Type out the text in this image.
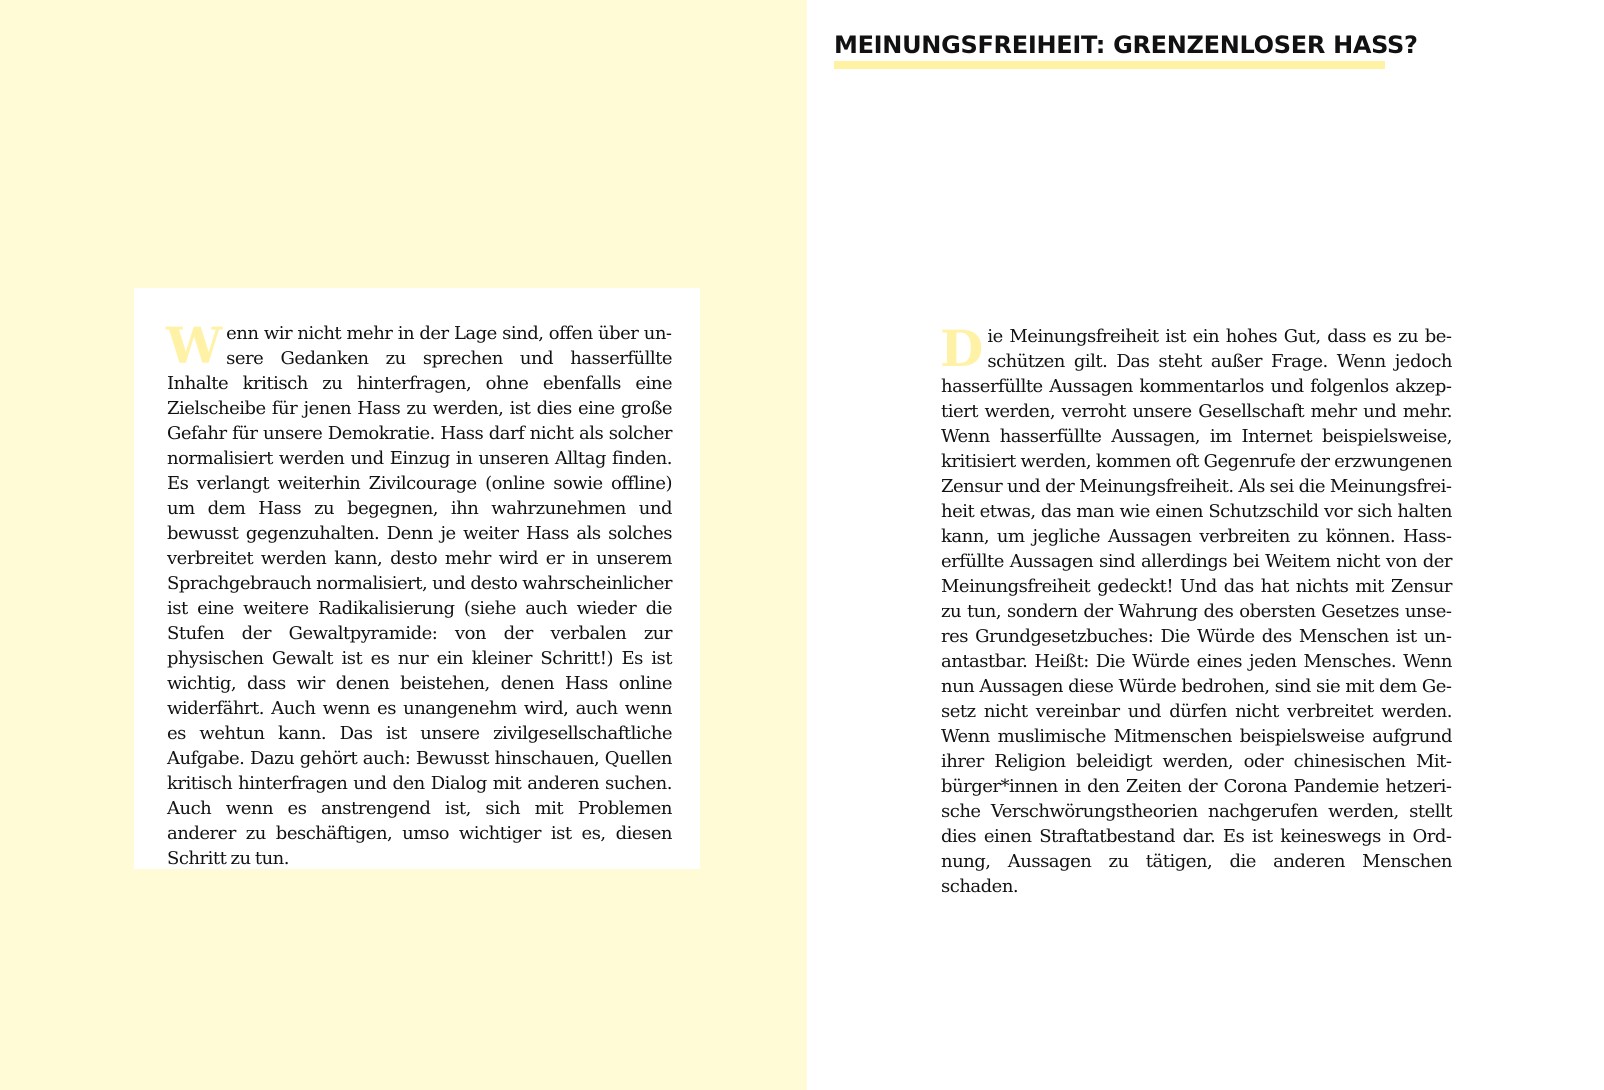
Wenn wir nicht mehr in der Lage sind, offen über unsere Gedanken zu sprechen und hasserfüllte Inhalte kritisch zu hinterfragen, ohne ebenfalls eine Zielscheibe für jenen Hass zu werden, ist dies eine große Gefahr für unsere Demokratie. Hass darf nicht als solcher normalisiert werden und Einzug in unseren Alltag finden. Es verlangt weiterhin Zivilcourage (online sowie offline) um dem Hass zu begegnen, ihn wahrzunehmen und bewusst gegenzuhalten. Denn je weiter Hass als solches verbreitet werden kann, desto mehr wird er in unserem Sprachgebrauch normalisiert, und desto wahrscheinlicher ist eine weitere Radikalisierung (siehe auch wieder die Stufen der Gewaltpyramide: von der verbalen zur physischen Gewalt ist es nur ein kleiner Schritt!) Es ist wichtig, dass wir denen beistehen, denen Hass online widerfährt. Auch wenn es unangenehm wird, auch wenn es wehtun kann. Das ist unsere zivilgesellschaftliche Aufgabe. Dazu gehört auch: Bewusst hinschauen, Quellen kritisch hinterfragen und den Dialog mit anderen suchen. Auch wenn es anstrengend ist, sich mit Problemen anderer zu beschäftigen, umso wichtiger ist es, diesen Schritt zu tun.

MEINUNGSFREIHEIT: GRENZENLOSER HASS?

Die Meinungsfreiheit ist ein hohes Gut, dass es zu beschützen gilt. Das steht außer Frage. Wenn jedoch hasserfüllte Aussagen kommentarlos und folgenlos akzeptiert werden, verroht unsere Gesellschaft mehr und mehr. Wenn hasserfüllte Aussagen, im Internet beispielsweise, kritisiert werden, kommen oft Gegenrufe der erzwungenen Zensur und der Meinungsfreiheit. Als sei die Meinungsfreiheit etwas, das man wie einen Schutzschild vor sich halten kann, um jegliche Aussagen verbreiten zu können. Hasserfüllte Aussagen sind allerdings bei Weitem nicht von der Meinungsfreiheit gedeckt! Und das hat nichts mit Zensur zu tun, sondern der Wahrung des obersten Gesetzes unseres Grundgesetzbuches: Die Würde des Menschen ist unantastbar. Heißt: Die Würde eines jeden Mensches. Wenn nun Aussagen diese Würde bedrohen, sind sie mit dem Gesetz nicht vereinbar und dürfen nicht verbreitet werden. Wenn muslimische Mitmenschen beispielsweise aufgrund ihrer Religion beleidigt werden, oder chinesischen Mitbürger*innen in den Zeiten der Corona Pandemie hetzerische Verschwörungstheorien nachgerufen werden, stellt dies einen Straftatbestand dar. Es ist keineswegs in Ordnung, Aussagen zu tätigen, die anderen Menschen schaden.
